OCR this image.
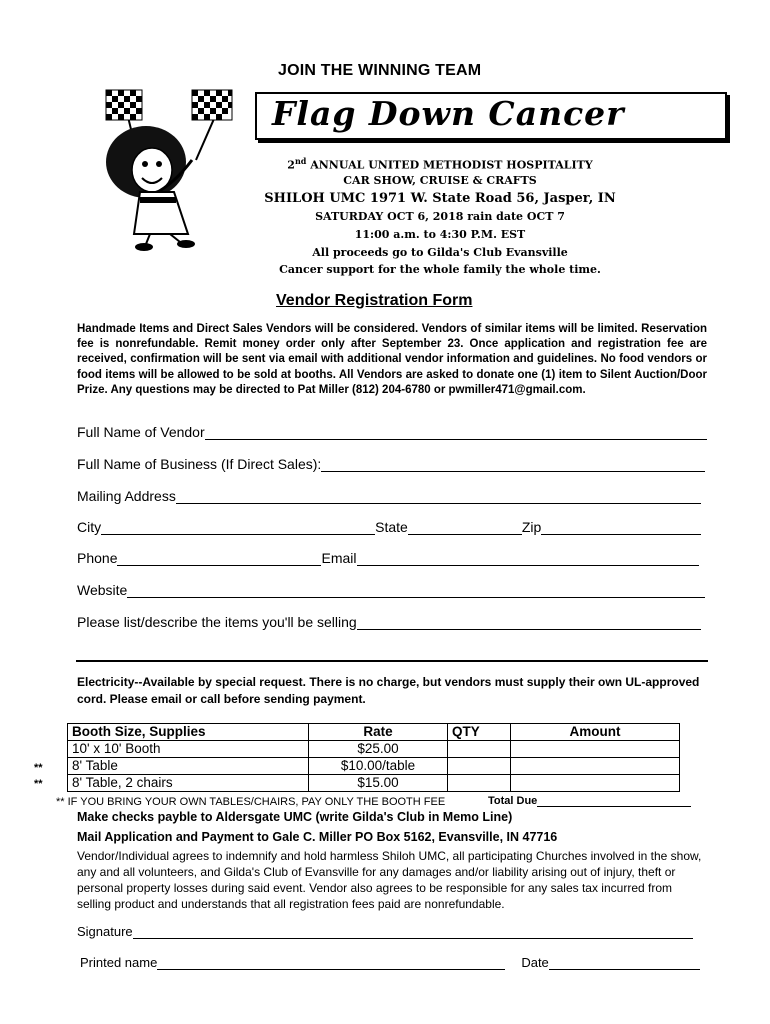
JOIN THE WINNING TEAM
Flag Down Cancer
2nd ANNUAL UNITED METHODIST HOSPITALITY
CAR SHOW, CRUISE & CRAFTS
SHILOH UMC 1971 W. State Road 56, Jasper, IN
SATURDAY OCT 6, 2018 rain date OCT 7
11:00 a.m. to 4:30 P.M. EST
All proceeds go to Gilda's Club Evansville
Cancer support for the whole family the whole time.
Vendor Registration Form
Handmade Items and Direct Sales Vendors will be considered. Vendors of similar items will be limited. Reservation fee is nonrefundable. Remit money order only after September 23. Once application and registration fee are received, confirmation will be sent via email with additional vendor information and guidelines. No food vendors or food items will be allowed to be sold at booths. All Vendors are asked to donate one (1) item to Silent Auction/Door Prize. Any questions may be directed to Pat Miller (812) 204-6780 or pwmiller471@gmail.com.
Full Name of Vendor
Full Name of Business (If Direct Sales):
Mailing Address
City	State	Zip
Phone	Email
Website
Please list/describe the items you'll be selling
Electricity--Available by special request. There is no charge, but vendors must supply their own UL-approved cord. Please email or call before sending payment.
**
**
Booth Size, Supplies	Rate	QTY	Amount
10' x 10' Booth	$25.00		
8' Table	$10.00/table		
8' Table, 2 chairs	$15.00		
** IF YOU BRING YOUR OWN TABLES/CHAIRS, PAY ONLY THE BOOTH FEE	Total Due
Make checks payble to Aldersgate UMC (write Gilda's Club in Memo Line)
Mail Application and Payment to Gale C. Miller PO Box 5162, Evansville, IN 47716
Vendor/Individual agrees to indemnify and hold harmless Shiloh UMC, all participating Churches involved in the show, any and all volunteers, and Gilda's Club of Evansville for any damages and/or liability arising out of injury, theft or personal property losses during said event. Vendor also agrees to be responsible for any sales tax incurred from selling product and understands that all registration fees paid are nonrefundable.
Signature
Printed name	Date
